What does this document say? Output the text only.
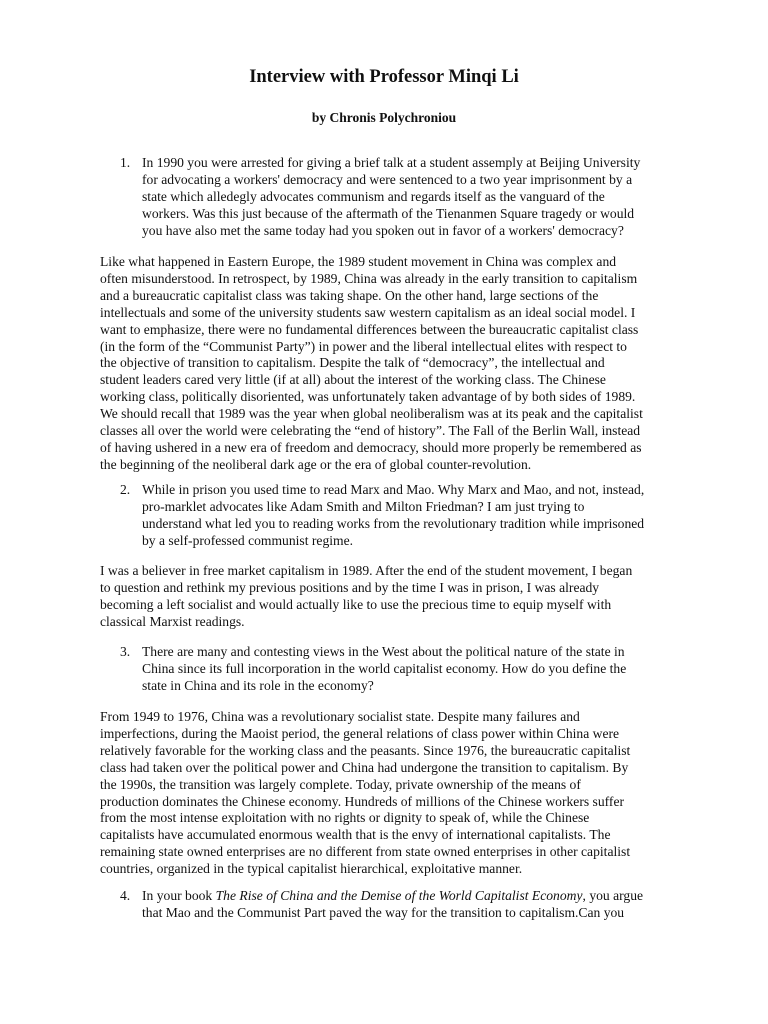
Interview with Professor Minqi Li

by Chronis Polychroniou

1. In 1990 you were arrested for giving a brief talk at a student assemply at Beijing University
for advocating a workers' democracy and were sentenced to a two year imprisonment by a
state which alledegly advocates communism and regards itself as the vanguard of the
workers. Was this just because of the aftermath of the Tienanmen Square tragedy or would
you have also met the same today had you spoken out in favor of a workers' democracy?
Like what happened in Eastern Europe, the 1989 student movement in China was complex and
often misunderstood. In retrospect, by 1989, China was already in the early transition to capitalism
and a bureaucratic capitalist class was taking shape. On the other hand, large sections of the
intellectuals and some of the university students saw western capitalism as an ideal social model. I
want to emphasize, there were no fundamental differences between the bureaucratic capitalist class
(in the form of the “Communist Party”) in power and the liberal intellectual elites with respect to
the objective of transition to capitalism. Despite the talk of “democracy”, the intellectual and
student leaders cared very little (if at all) about the interest of the working class. The Chinese
working class, politically disoriented, was unfortunately taken advantage of by both sides of 1989.
We should recall that 1989 was the year when global neoliberalism was at its peak and the capitalist
classes all over the world were celebrating the “end of history”. The Fall of the Berlin Wall, instead
of having ushered in a new era of freedom and democracy, should more properly be remembered as
the beginning of the neoliberal dark age or the era of global counter-revolution.
2. While in prison you used time to read Marx and Mao. Why Marx and Mao, and not, instead,
pro-marklet advocates like Adam Smith and Milton Friedman? I am just trying to
understand what led you to reading works from the revolutionary tradition while imprisoned
by a self-professed communist regime.
I was a believer in free market capitalism in 1989. After the end of the student movement, I began
to question and rethink my previous positions and by the time I was in prison, I was already
becoming a left socialist and would actually like to use the precious time to equip myself with
classical Marxist readings.
3. There are many and contesting views in the West about the political nature of the state in
China since its full incorporation in the world capitalist economy. How do you define the
state in China and its role in the economy?
From 1949 to 1976, China was a revolutionary socialist state. Despite many failures and
imperfections, during the Maoist period, the general relations of class power within China were
relatively favorable for the working class and the peasants. Since 1976, the bureaucratic capitalist
class had taken over the political power and China had undergone the transition to capitalism. By
the 1990s, the transition was largely complete. Today, private ownership of the means of
production dominates the Chinese economy. Hundreds of millions of the Chinese workers suffer
from the most intense exploitation with no rights or dignity to speak of, while the Chinese
capitalists have accumulated enormous wealth that is the envy of international capitalists. The
remaining state owned enterprises are no different from state owned enterprises in other capitalist
countries, organized in the typical capitalist hierarchical, exploitative manner.
4. In your book The Rise of China and the Demise of the World Capitalist Economy, you argue
that Mao and the Communist Part paved the way for the transition to capitalism.Can you
